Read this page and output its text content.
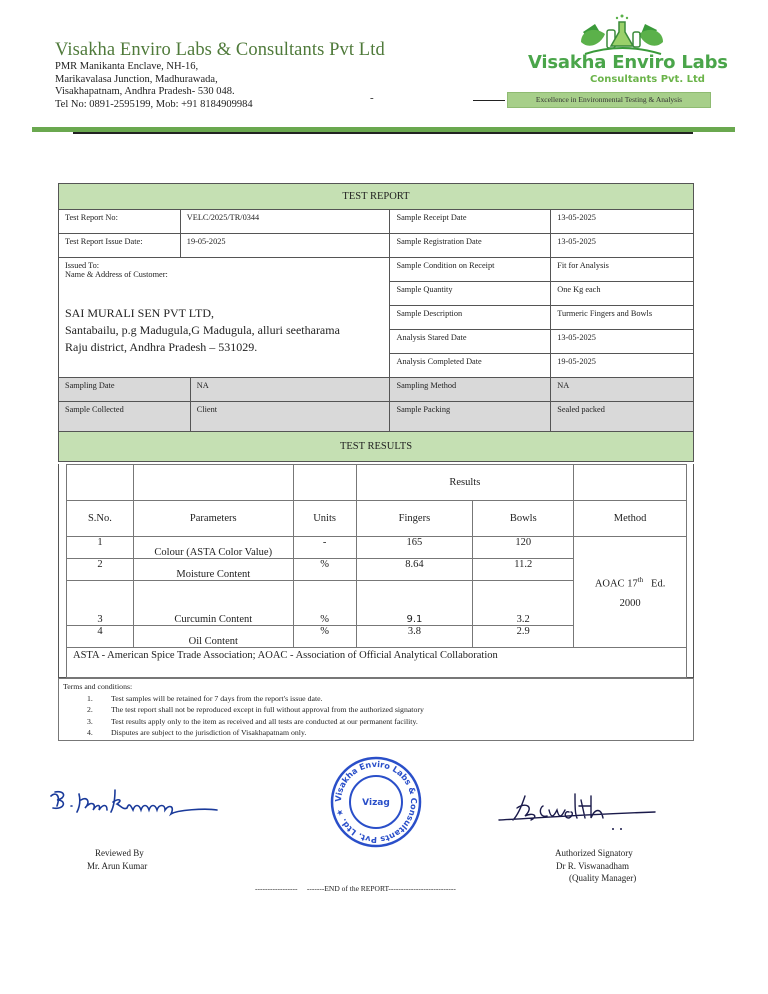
Visakha Enviro Labs & Consultants Pvt Ltd
PMR Manikanta Enclave, NH-16,
Marikavalasa Junction, Madhurawada,
Visakhapatnam, Andhra Pradesh- 530 048.
Tel No: 0891-2595199, Mob: +91 8184909984	-
Visakha Enviro Labs
Consultants Pvt. Ltd
Excellence in Environmental Testing & Analysis
TEST REPORT				
Test Report No:	VELC/2025/TR/0344		Sample Receipt Date	13-05-2025
Test Report Issue Date:	19-05-2025		Sample Registration Date	13-05-2025

Issued To:
Name & Address of Customer:
SAI MURALI SEN PVT LTD,
Santabailu, p.g Madugula,G Madugula, alluri seetharama
Raju district, Andhra Pradesh – 531029.			Sample Condition on Receipt	Fit for Analysis
			Sample Quantity	One Kg each
			Sample Description	Turmeric Fingers and Bowls
			Analysis Stared Date	13-05-2025
			Analysis Completed Date	19-05-2025
Sampling Date		NA	Sampling Method	NA
Sample Collected		Client	Sample Packing	Sealed packed
TEST RESULTS				
			Results		
S.No.	Parameters	Units	Fingers	Bowls	Method
1	Colour (ASTA Color Value)	-	165	120	AOAC 17th Ed.
2000
2	Moisture Content	%	8.64	11.2	
3	Curcumin Content	%	9.1	3.2	
4	Oil Content	%	3.8	2.9	
ASTA - American Spice Trade Association; AOAC - Association of Official Analytical Collaboration					
Terms and conditions:
1.	Test samples will be retained for 7 days from the report's issue date.
2.	The test report shall not be reproduced except in full without approval from the authorized signatory
3.	Test results apply only to the item as received and all tests are conducted at our permanent facility.
4.	Disputes are subject to the jurisdiction of Visakhapatnam only.
Reviewed By
Mr. Arun Kumar
Visakha Enviro Labs & Consultants Pvt. Ltd. ★
Vizag
Authorized Signatory
Dr R. Viswanadham
(Quality Manager)
----------------- -------END of the REPORT---------------------------
